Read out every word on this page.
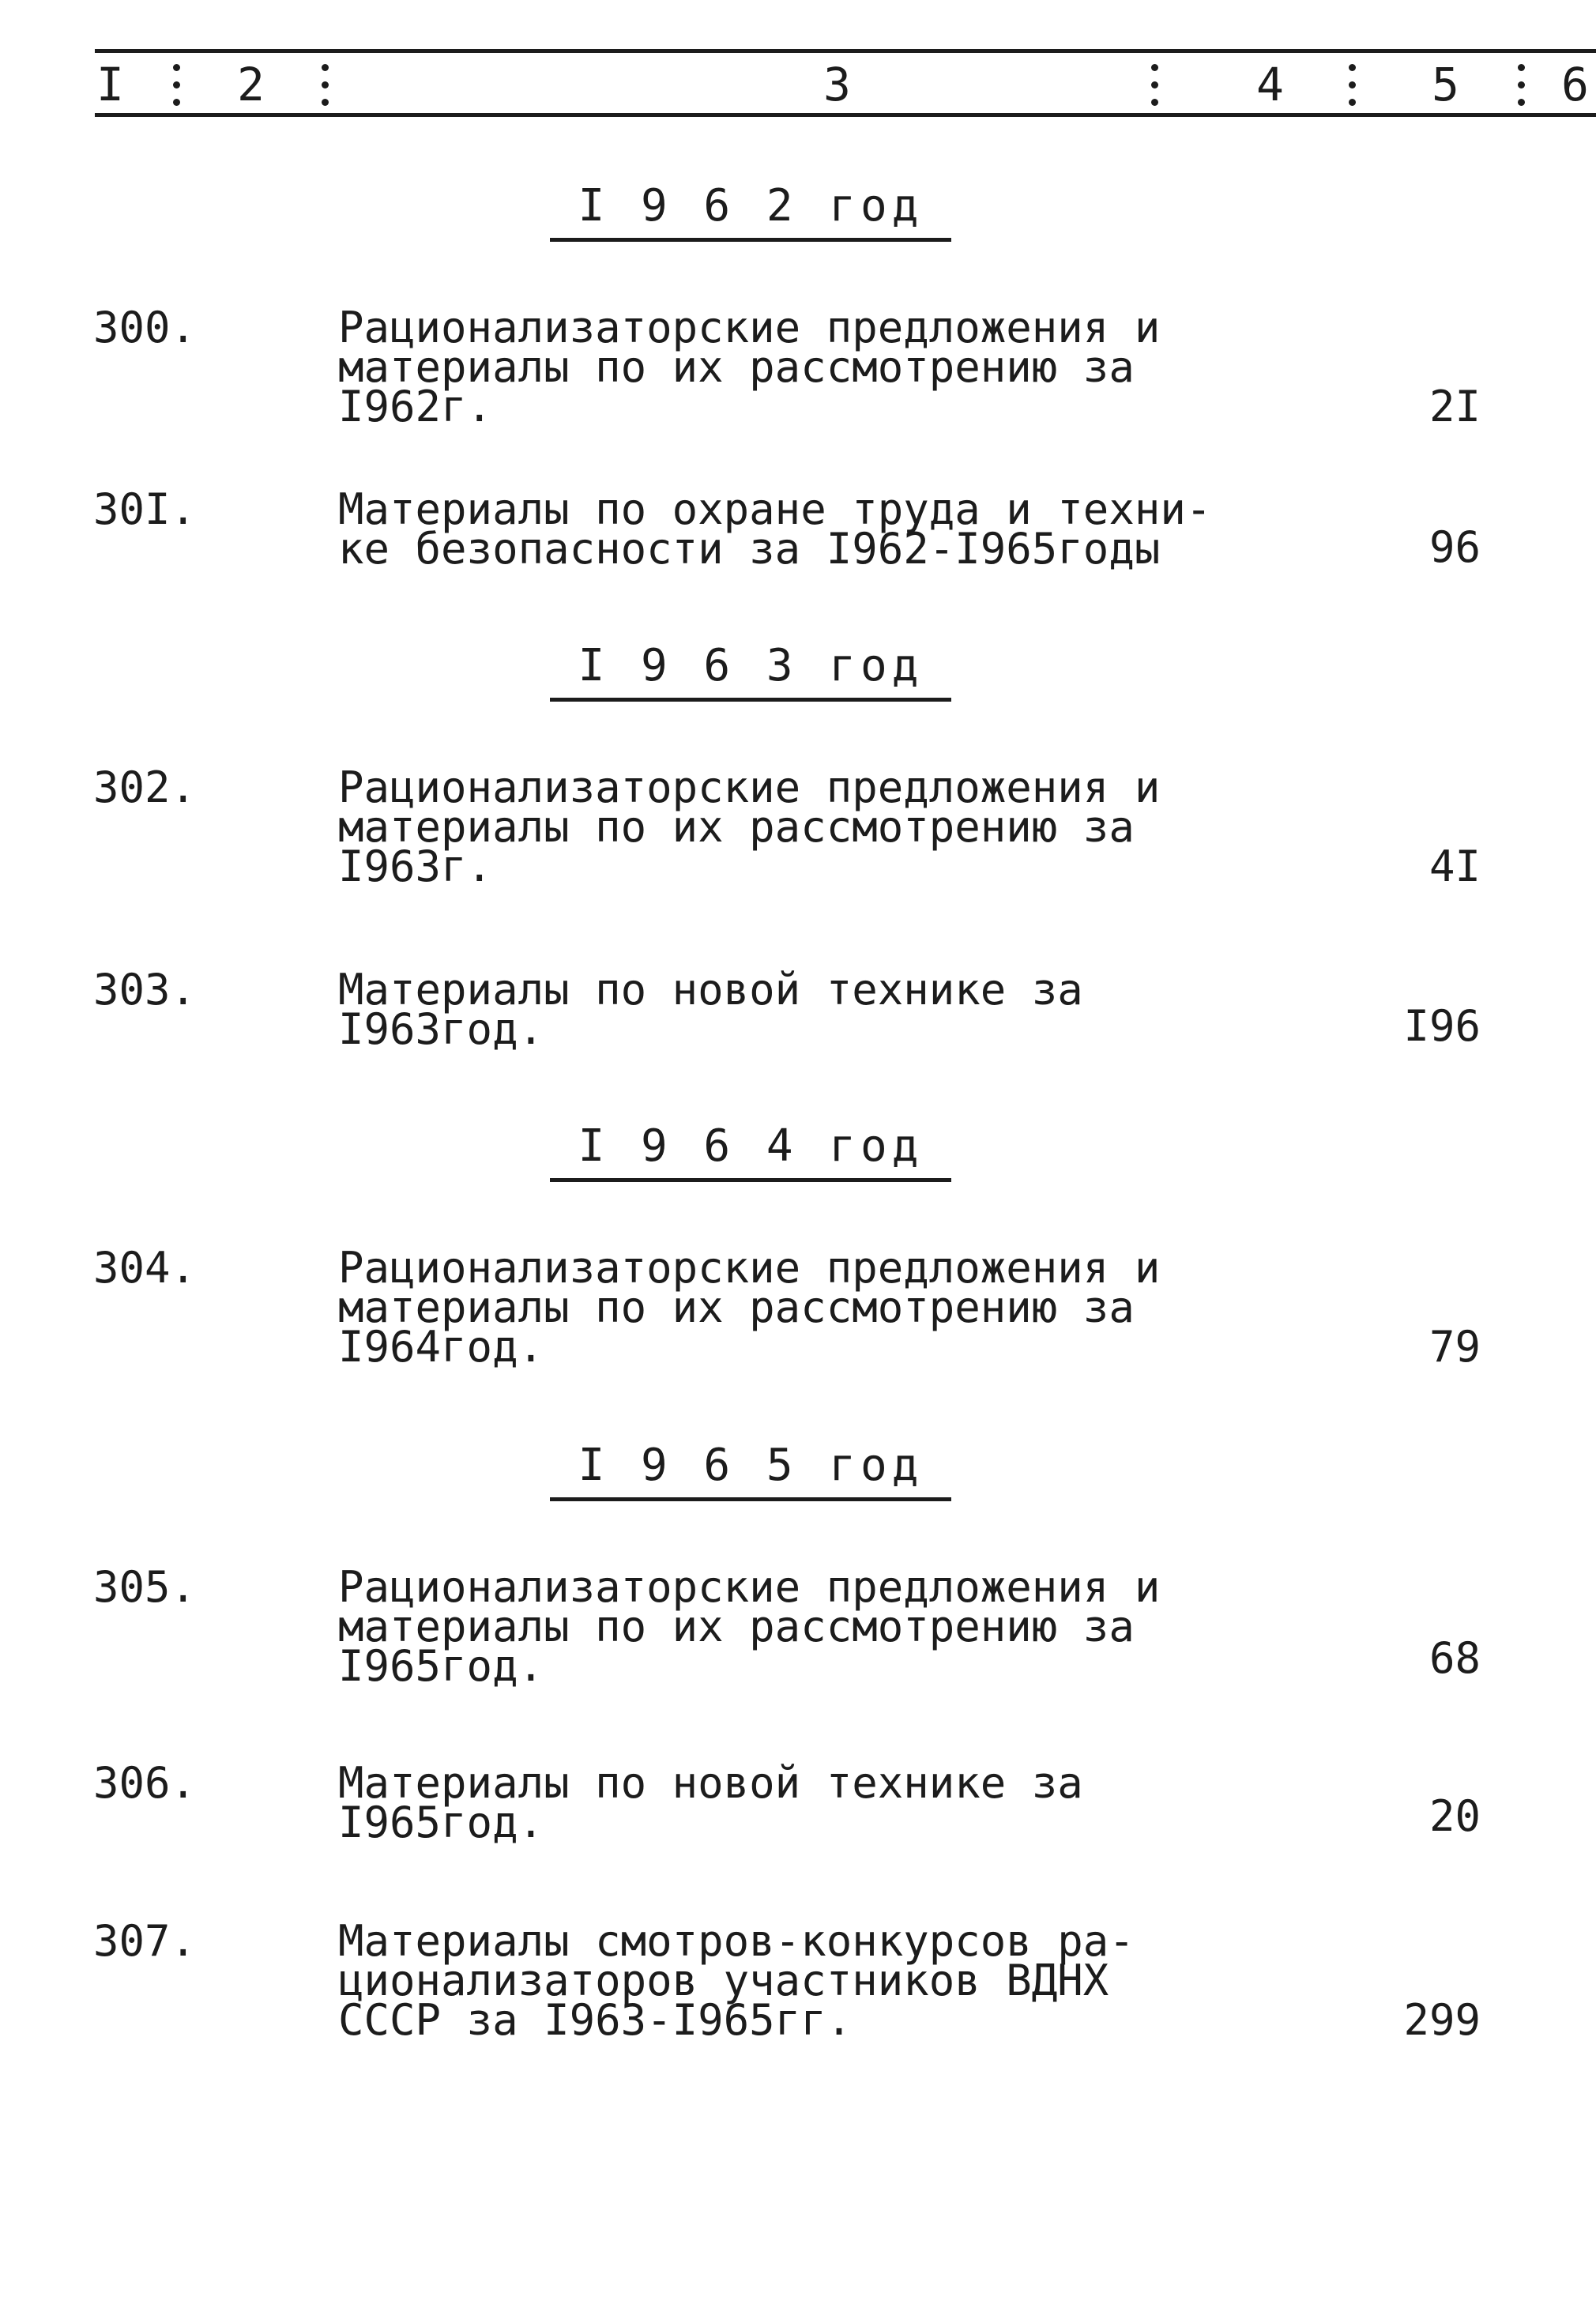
I 2	3	4	5 6
I 9 6 2 год
300.	Рационализаторские предложения и
материалы по их рассмотрению за
I962г.	2I
30I.	Материалы по охране труда и техни-
ке безопасности за I962-I965годы	96
I 9 6 3 год
302.	Рационализаторские предложения и
материалы по их рассмотрению за
I963г.	4I
303.	Материалы по новой технике за
I963год.	I96
I 9 6 4 год
304.	Рационализаторские предложения и
материалы по их рассмотрению за
I964год.	79
I 9 6 5 год
305.	Рационализаторские предложения и
материалы по их рассмотрению за
I965год.	68
306.	Материалы по новой технике за
I965год.	20
307.	Материалы смотров-конкурсов ра-
ционализаторов участников ВДНХ
СССР за I963-I965гг.	299
